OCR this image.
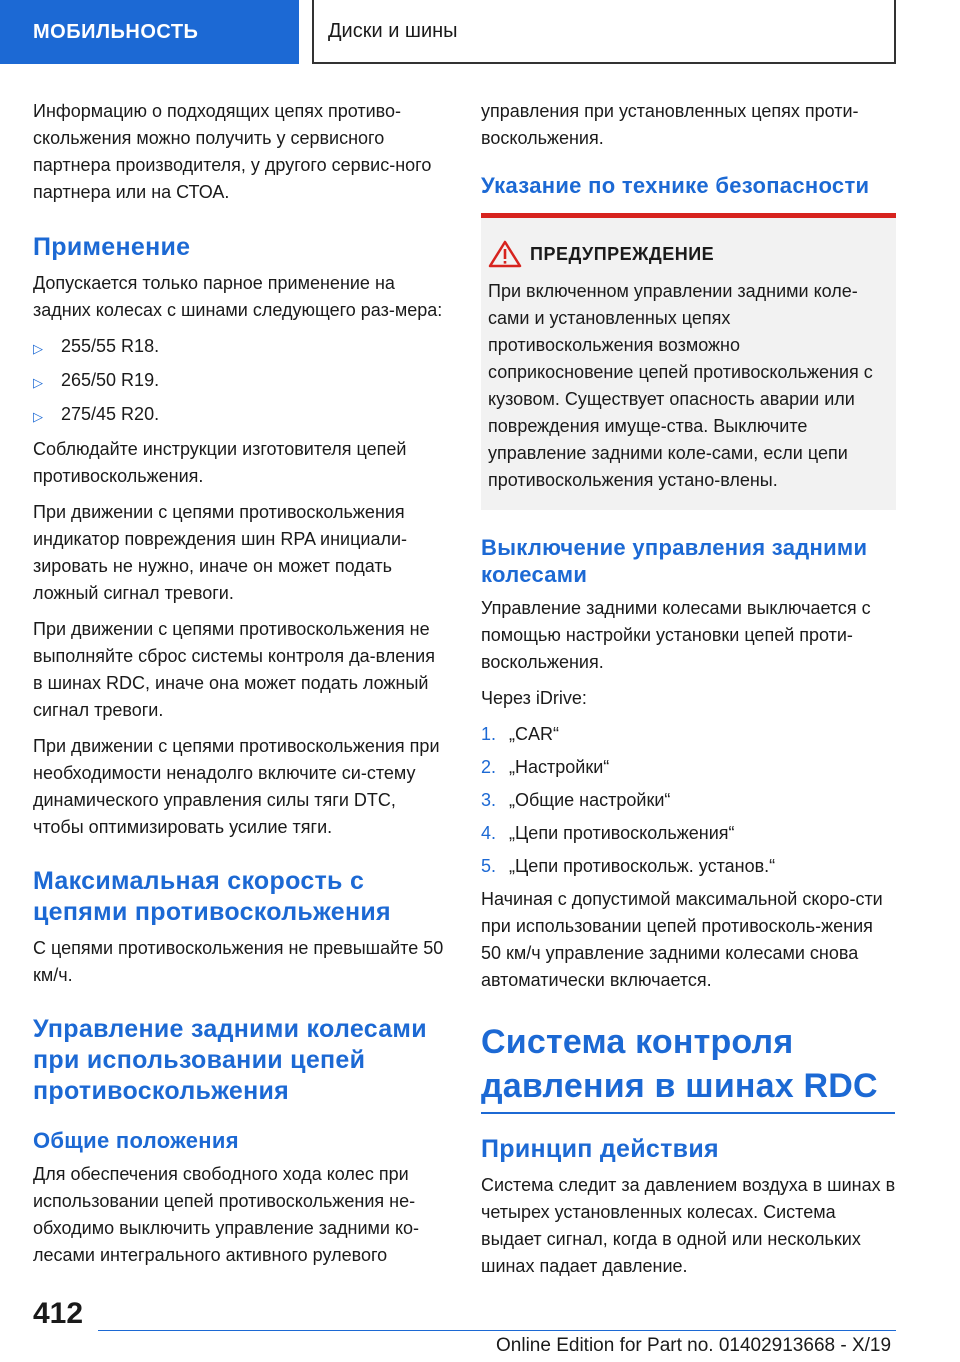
МОБИЛЬНОСТЬ	Диски и шины

Информацию о подходящих цепях противо-скольжения можно получить у сервисного партнера производителя, у другого сервис-ного партнера или на СТОА.

Применение

Допускается только парное применение на задних колесах с шинами следующего раз-мера:

▷	255/55 R18.
▷	265/50 R19.
▷	275/45 R20.

Соблюдайте инструкции изготовителя цепей противоскольжения.

При движении с цепями противоскольжения индикатор повреждения шин RPA инициали-зировать не нужно, иначе он может подать ложный сигнал тревоги.

При движении с цепями противоскольжения не выполняйте сброс системы контроля да-вления в шинах RDC, иначе она может подать ложный сигнал тревоги.

При движении с цепями противоскольжения при необходимости ненадолго включите си-стему динамического управления силы тяги DTC, чтобы оптимизировать усилие тяги.

Максимальная скорость с цепями противоскольжения

С цепями противоскольжения не превышайте 50 км/ч.

Управление задними колесами при использовании цепей противоскольжения
Общие положения

Для обеспечения свободного хода колес при использовании цепей противоскольжения не-обходимо выключить управление задними ко-лесами интегрального активного рулевого

управления при установленных цепях проти-воскольжения.

Указание по технике безопасности
ПРЕДУПРЕЖДЕНИЕ

При включенном управлении задними коле-сами и установленных цепях противоскольжения возможно соприкосновение цепей противоскольжения с кузовом. Существует опасность аварии или повреждения имуще-ства. Выключите управление задними коле-сами, если цепи противоскольжения устано-влены.

Выключение управления задними колесами

Управление задними колесами выключается с помощью настройки установки цепей проти-воскольжения.

Через iDrive:

1. „CAR“
2. „Настройки“
3. „Общие настройки“
4. „Цепи противоскольжения“
5. „Цепи противоскольж. установ.“

Начиная с допустимой максимальной скоро-сти при использовании цепей противосколь-жения 50 км/ч управление задними колесами снова автоматически включается.

Система контроля давления в шинах RDC
Принцип действия

Система следит за давлением воздуха в шинах в четырех установленных колесах. Система выдает сигнал, когда в одной или нескольких шинах падает давление.

412
Online Edition for Part no. 01402913668 - X/19
